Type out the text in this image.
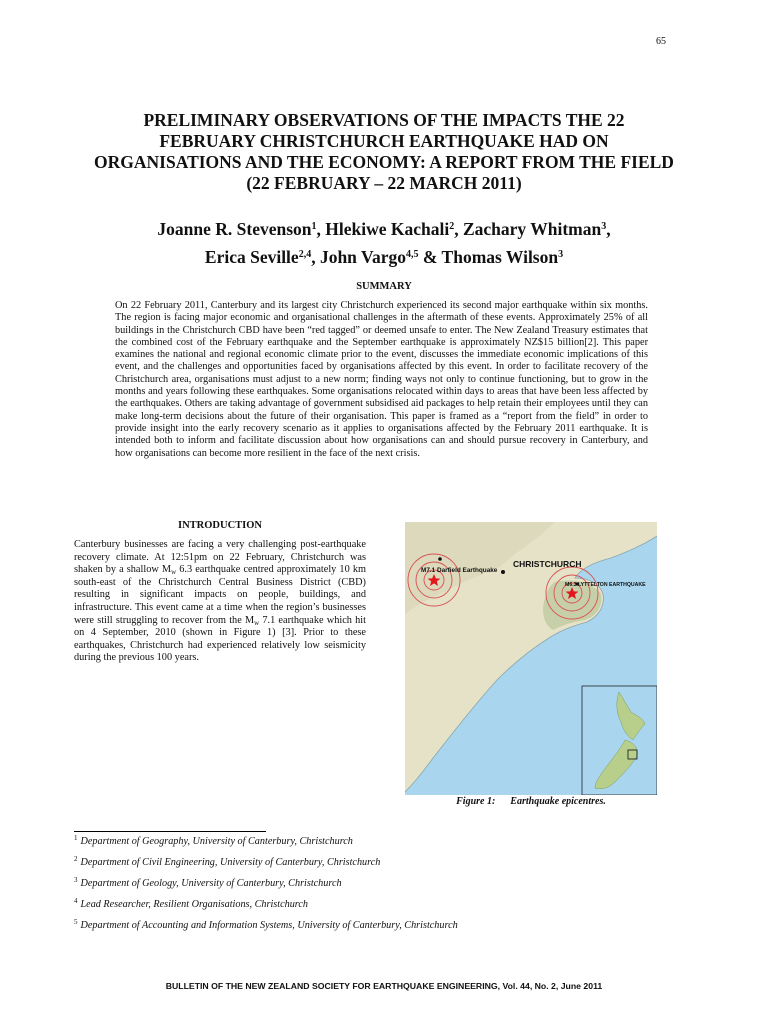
65
PRELIMINARY OBSERVATIONS OF THE IMPACTS THE 22
FEBRUARY CHRISTCHURCH EARTHQUAKE HAD ON
ORGANISATIONS AND THE ECONOMY: A REPORT FROM THE FIELD
(22 FEBRUARY – 22 MARCH 2011)
Joanne R. Stevenson$^1$, Hlekiwe Kachali$^2$, Zachary Whitman$^3$,
Erica Seville$^{2,4}$, John Vargo$^{4,5}$ & Thomas Wilson$^3$
SUMMARY
On 22 February 2011, Canterbury and its largest city Christchurch experienced its second major earthquake within six months. The region is facing major economic and organisational challenges in the aftermath of these events. Approximately 25% of all buildings in the Christchurch CBD have been “red tagged” or deemed unsafe to enter. The New Zealand Treasury estimates that the combined cost of the February earthquake and the September earthquake is approximately NZ$15 billion[2]. This paper examines the national and regional economic climate prior to the event, discusses the immediate economic implications of this event, and the challenges and opportunities faced by organisations affected by this event. In order to facilitate recovery of the Christchurch area, organisations must adjust to a new norm; finding ways not only to continue functioning, but to grow in the months and years following these earthquakes. Some organisations relocated within days to areas that have been less affected by the earthquakes. Others are taking advantage of government subsidised aid packages to help retain their employees until they can make long-term decisions about the future of their organisation. This paper is framed as a “report from the field” in order to provide insight into the early recovery scenario as it applies to organisations affected by the February 2011 earthquake. It is intended both to inform and facilitate discussion about how organisations can and should pursue recovery in Canterbury, and how organisations can become more resilient in the face of the next crisis.
INTRODUCTION
Canterbury businesses are facing a very challenging post-earthquake recovery climate. At 12:51pm on 22 February, Christchurch was shaken by a shallow $M_w$ 6.3 earthquake centred approximately 10 km south-east of the Christchurch Central Business District (CBD) resulting in significant impacts on people, buildings, and infrastructure. This event came at a time when the region’s businesses were still struggling to recover from the $M_w$ 7.1 earthquake which hit on 4 September, 2010 (shown in Figure 1) [3]. Prior to these earthquakes, Christchurch had experienced relatively low seismicity during the previous 100 years.
CHRISTCHURCH
M7.1 Darfield Earthquake
M6.3 LYTTELTON EARTHQUAKE
Figure 1:      Earthquake epicentres.
$^1$ Department of Geography, University of Canterbury, Christchurch
$^2$ Department of Civil Engineering, University of Canterbury, Christchurch
$^3$ Department of Geology, University of Canterbury, Christchurch
$^4$ Lead Researcher, Resilient Organisations, Christchurch
$^5$ Department of Accounting and Information Systems, University of Canterbury, Christchurch
BULLETIN OF THE NEW ZEALAND SOCIETY FOR EARTHQUAKE ENGINEERING, Vol. 44, No. 2, June 2011
